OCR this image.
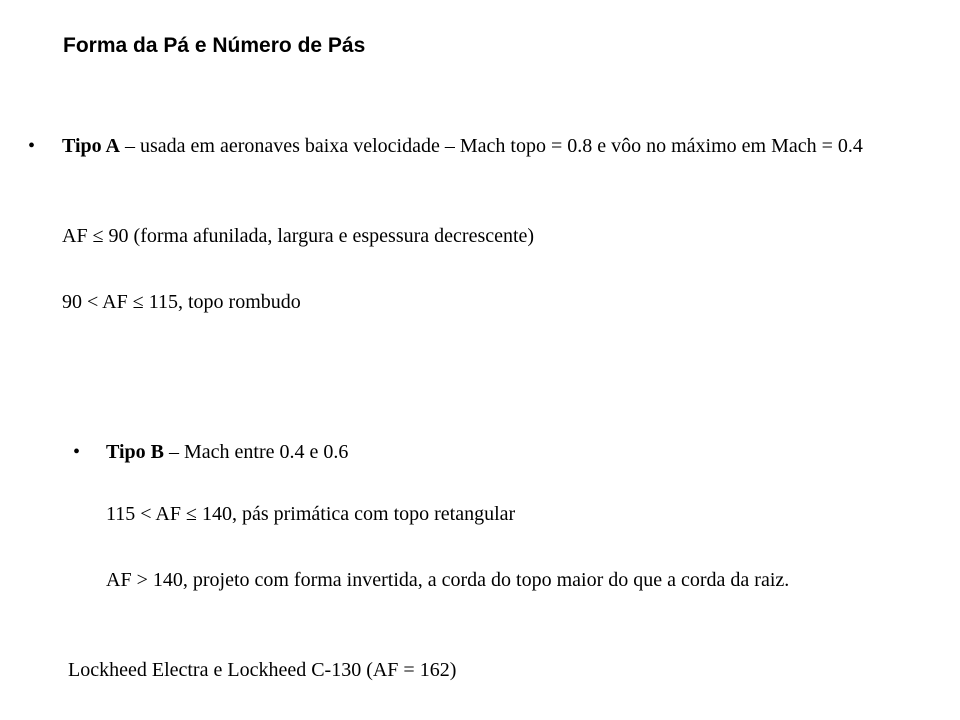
Forma da Pá e Número de Pás
• Tipo A – usada em aeronaves baixa velocidade – Mach topo = 0.8 e vôo no máximo em Mach = 0.4

AF ≤ 90 (forma afunilada, largura e espessura decrescente)

90 < AF ≤ 115, topo rombudo

• Tipo B – Mach entre 0.4 e 0.6

115 < AF ≤ 140, pás primática com topo retangular

AF > 140, projeto com forma invertida, a corda do topo maior do que a corda da raiz.

Lockheed Electra e Lockheed C-130 (AF = 162)
